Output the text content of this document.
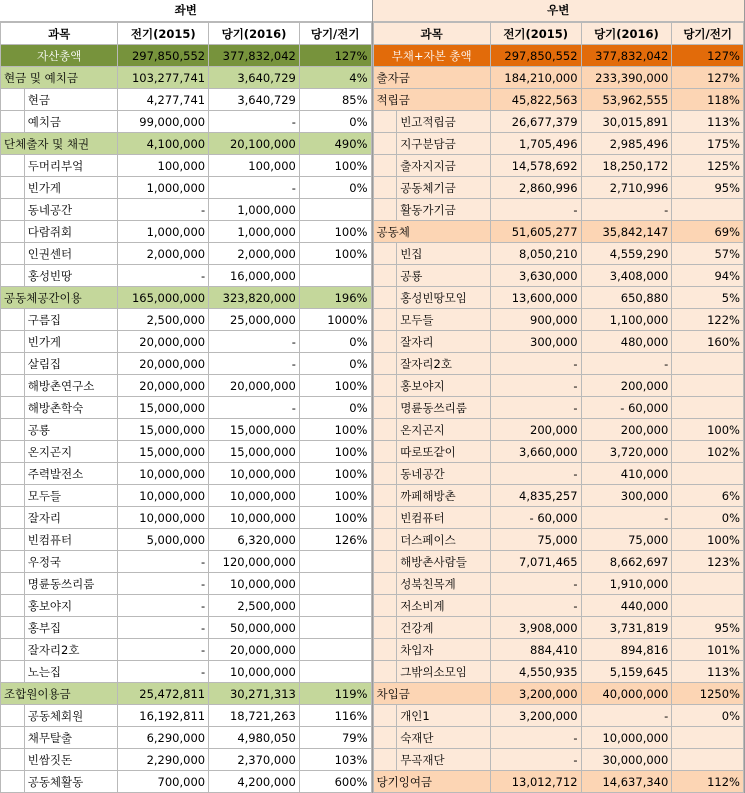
좌변
과목		전기(2015)	당기(2016)	당기/전기
자산총액		297,850,552	377,832,042	127%
현금 및 예치금		103,277,741	3,640,729	4%
	현금	4,277,741	3,640,729	85%
	예치금	99,000,000	-	0%
단체출자 및 채권		4,100,000	20,100,000	490%
	두머리부엌	100,000	100,000	100%
	빈가게	1,000,000	-	0%
	동네공간	-	1,000,000	
	다람쥐회	1,000,000	1,000,000	100%
	인권센터	2,000,000	2,000,000	100%
	홍성빈땅	-	16,000,000	
공동체공간이용		165,000,000	323,820,000	196%
	구름집	2,500,000	25,000,000	1000%
	빈가게	20,000,000	-	0%
	살림집	20,000,000	-	0%
	해방촌연구소	20,000,000	20,000,000	100%
	해방촌학숙	15,000,000	-	0%
	공룡	15,000,000	15,000,000	100%
	온지곤지	15,000,000	15,000,000	100%
	주력발전소	10,000,000	10,000,000	100%
	모두들	10,000,000	10,000,000	100%
	잘자리	10,000,000	10,000,000	100%
	빈컴퓨터	5,000,000	6,320,000	126%
	우정국	-	120,000,000	
	명륜동쓰리룸	-	10,000,000	
	홍보야지	-	2,500,000	
	홍부집	-	50,000,000	
	잘자리2호	-	20,000,000	
	노는집	-	10,000,000	
조합원이용금		25,472,811	30,271,313	119%
	공동체회원	16,192,811	18,721,263	116%
	채무탈출	6,290,000	4,980,050	79%
	빈쌈짓돈	2,290,000	2,370,000	103%
	공동체활동	700,000	4,200,000	600%
우변
과목		전기(2015)	당기(2016)	당기/전기
부채+자본 총액		297,850,552	377,832,042	127%
출자금		184,210,000	233,390,000	127%
적립금		45,822,563	53,962,555	118%
	빈고적립금	26,677,379	30,015,891	113%
	지구분담금	1,705,496	2,985,496	175%
	출자지지금	14,578,692	18,250,172	125%
	공동체기금	2,860,996	2,710,996	95%
	활동가기금	-	-	
공동체		51,605,277	35,842,147	69%
	빈집	8,050,210	4,559,290	57%
	공룡	3,630,000	3,408,000	94%
	홍성빈땅모임	13,600,000	650,880	5%
	모두들	900,000	1,100,000	122%
	잘자리	300,000	480,000	160%
	잘자리2호	-	-	
	홍보야지	-	200,000	
	명륜동쓰리룸	-	- 60,000	
	온지곤지	200,000	200,000	100%
	따로또같이	3,660,000	3,720,000	102%
	동네공간	-	410,000	
	까페해방촌	4,835,257	300,000	6%
	빈컴퓨터	- 60,000	-	0%
	더스페이스	75,000	75,000	100%
	해방촌사람들	7,071,465	8,662,697	123%
	성북친목계	-	1,910,000	
	저소비계	-	440,000	
	건강계	3,908,000	3,731,819	95%
	차입자	884,410	894,816	101%
	그밖의소모임	4,550,935	5,159,645	113%
차입금		3,200,000	40,000,000	1250%
	개인1	3,200,000	-	0%
	숙재단	-	10,000,000	
	무곡재단	-	30,000,000	
당기잉여금		13,012,712	14,637,340	112%
